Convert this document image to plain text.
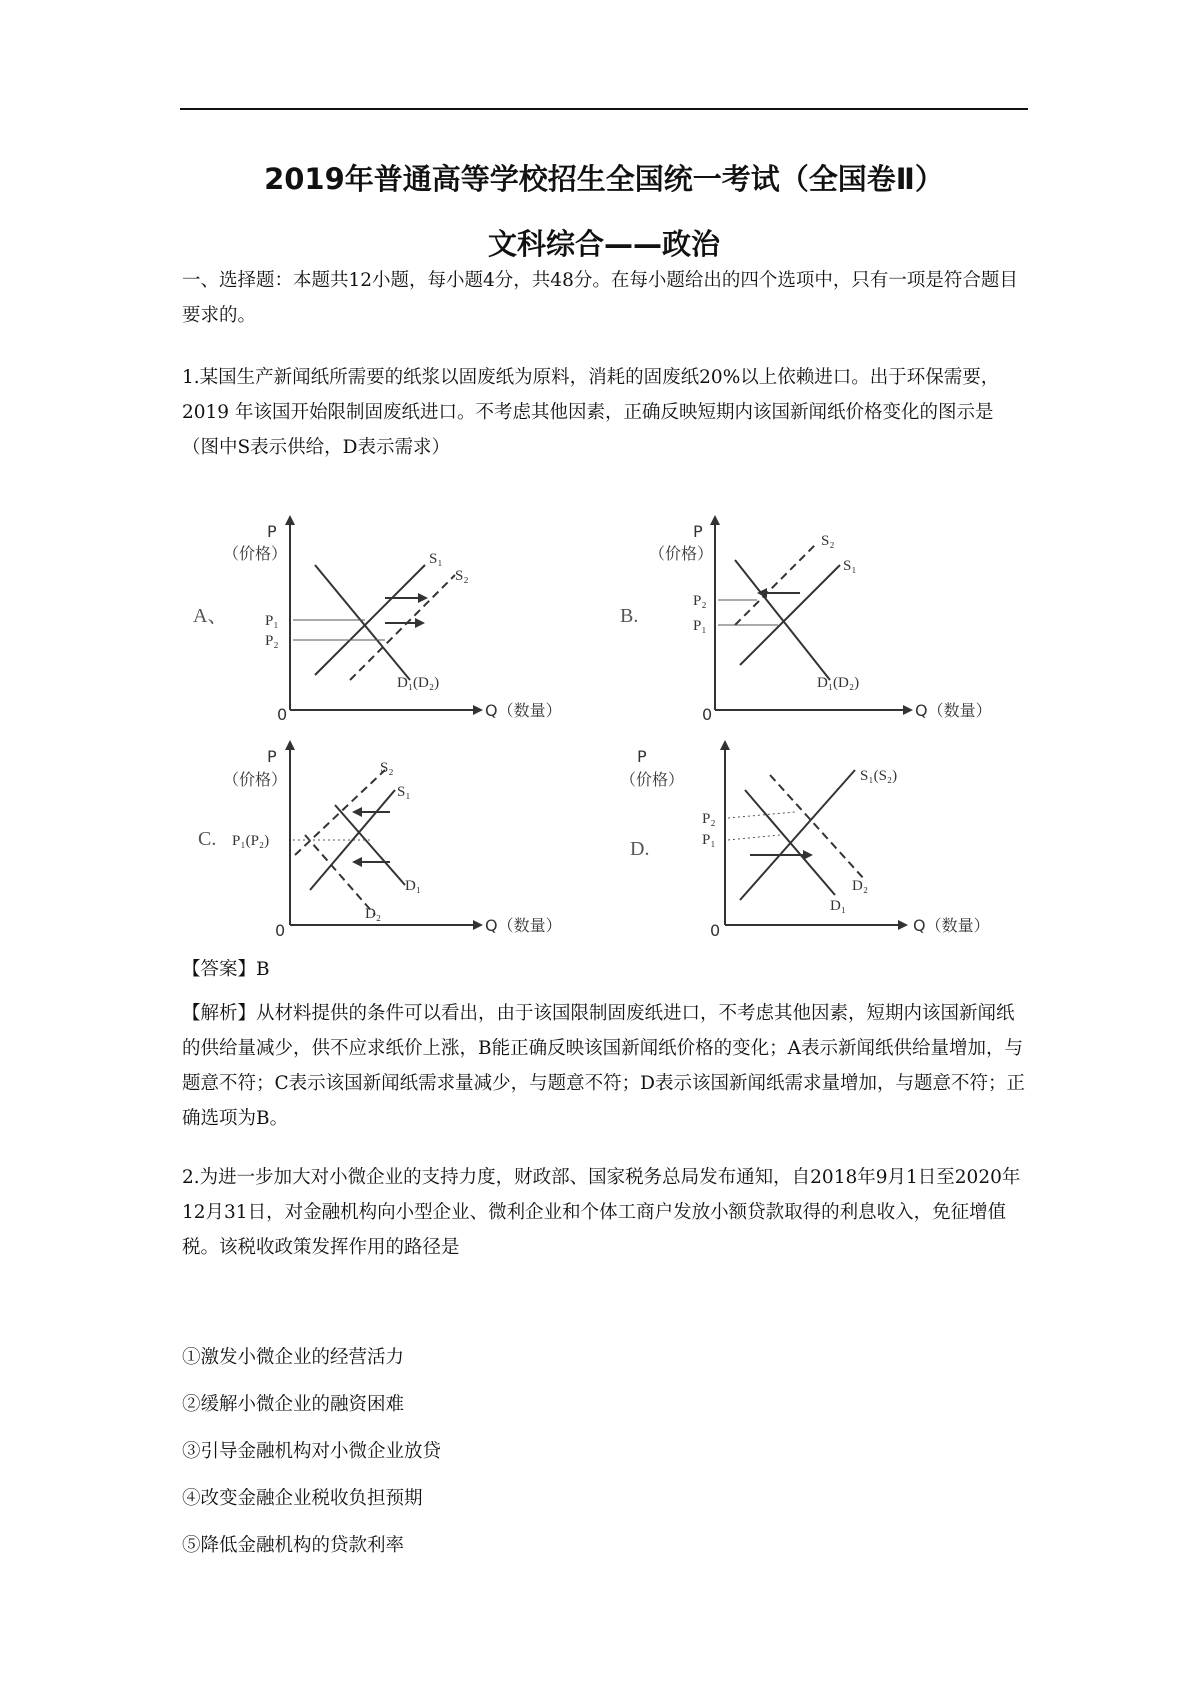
2019年普通高等学校招生全国统一考试（全国卷Ⅱ）
文科综合——政治

一、选择题：本题共12小题，每小题4分，共48分。在每小题给出的四个选项中，只有一项是符合题目要求的。

1.某国生产新闻纸所需要的纸浆以固废纸为原料，消耗的固废纸20%以上依赖进口。出于环保需要，2019 年该国开始限制固废纸进口。不考虑其他因素，正确反映短期内该国新闻纸价格变化的图示是（图中S表示供给，D表示需求）

A、
P
（价格）
Q（数量）
0
P₁
P₂
S₁
S₂
D₁(D₂)
B.
P
（价格）
Q（数量）
0
P₂
P₁
S₂
S₁
D₁(D₂)
C.
P
（价格）
Q（数量）
0
P₁(P₂)
S₂
S₁
D₁
D₂
D.
P
（价格）
Q（数量）
0
P₂
P₁
S₁(S₂)
D₂
D₁
【答案】B

【解析】从材料提供的条件可以看出，由于该国限制固废纸进口，不考虑其他因素，短期内该国新闻纸的供给量减少，供不应求纸价上涨，B能正确反映该国新闻纸价格的变化；A表示新闻纸供给量增加，与题意不符；C表示该国新闻纸需求量减少，与题意不符；D表示该国新闻纸需求量增加，与题意不符；正确选项为B。

2.为进一步加大对小微企业的支持力度，财政部、国家税务总局发布通知，自2018年9月1日至2020年12月31日，对金融机构向小型企业、微利企业和个体工商户发放小额贷款取得的利息收入，免征增值税。该税收政策发挥作用的路径是

①激发小微企业的经营活力
②缓解小微企业的融资困难
③引导金融机构对小微企业放贷
④改变金融企业税收负担预期
⑤降低金融机构的贷款利率
